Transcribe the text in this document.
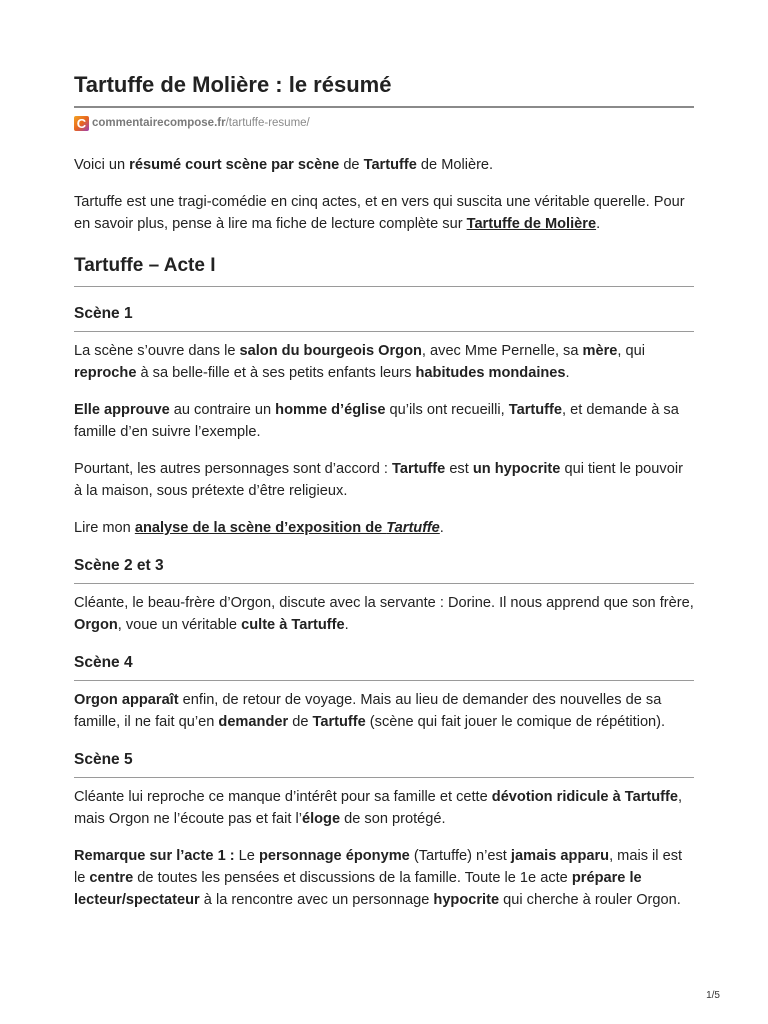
Tartuffe de Molière : le résumé
C commentairecompose.fr /tartuffe-resume/

Voici un résumé court scène par scène de Tartuffe de Molière.

Tartuffe est une tragi-comédie en cinq actes, et en vers qui suscita une véritable querelle. Pour en savoir plus, pense à lire ma fiche de lecture complète sur Tartuffe de Molière.

Tartuffe – Acte I
Scène 1

La scène s’ouvre dans le salon du bourgeois Orgon, avec Mme Pernelle, sa mère, qui reproche à sa belle-fille et à ses petits enfants leurs habitudes mondaines.

Elle approuve au contraire un homme d’église qu’ils ont recueilli, Tartuffe, et demande à sa famille d’en suivre l’exemple.

Pourtant, les autres personnages sont d’accord : Tartuffe est un hypocrite qui tient le pouvoir à la maison, sous prétexte d’être religieux.

Lire mon analyse de la scène d’exposition de Tartuffe.

Scène 2 et 3

Cléante, le beau-frère d’Orgon, discute avec la servante : Dorine. Il nous apprend que son frère, Orgon, voue un véritable culte à Tartuffe.

Scène 4

Orgon apparaît enfin, de retour de voyage. Mais au lieu de demander des nouvelles de sa famille, il ne fait qu’en demander de Tartuffe (scène qui fait jouer le comique de répétition).

Scène 5

Cléante lui reproche ce manque d’intérêt pour sa famille et cette dévotion ridicule à Tartuffe, mais Orgon ne l’écoute pas et fait l’éloge de son protégé.

Remarque sur l’acte 1 : Le personnage éponyme (Tartuffe) n’est jamais apparu, mais il est le centre de toutes les pensées et discussions de la famille. Toute le 1e acte prépare le lecteur/spectateur à la rencontre avec un personnage hypocrite qui cherche à rouler Orgon.

1/5
